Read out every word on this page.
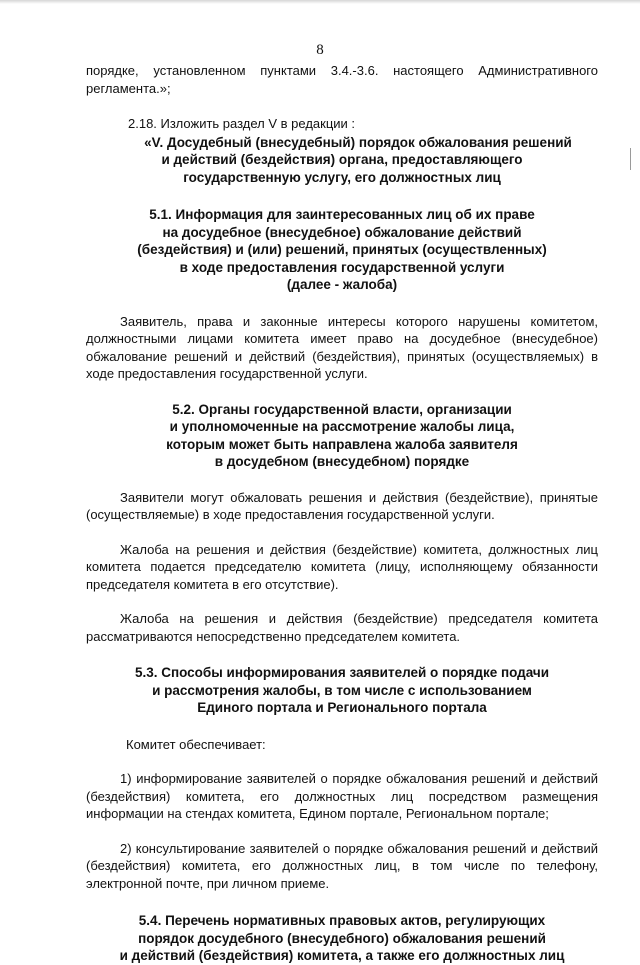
8

порядке, установленном пунктами 3.4.-3.6. настоящего Административного регламента.»;

2.18. Изложить раздел V в редакции :

«V. Досудебный (внесудебный) порядок обжалования решений

и действий (бездействия) органа, предоставляющего

государственную услугу, его должностных лиц

5.1. Информация для заинтересованных лиц об их праве

на досудебное (внесудебное) обжалование действий

(бездействия) и (или) решений, принятых (осуществленных)

в ходе предоставления государственной услуги

(далее - жалоба)

Заявитель, права и законные интересы которого нарушены комитетом, должностными лицами комитета имеет право на досудебное (внесудебное) обжалование решений и действий (бездействия), принятых (осуществляемых) в ходе предоставления государственной услуги.

5.2. Органы государственной власти, организации

и уполномоченные на рассмотрение жалобы лица,

которым может быть направлена жалоба заявителя

в досудебном (внесудебном) порядке

Заявители могут обжаловать решения и действия (бездействие), принятые (осуществляемые) в ходе предоставления государственной услуги.

Жалоба на решения и действия (бездействие) комитета, должностных лиц комитета подается председателю комитета (лицу, исполняющему обязанности председателя комитета в его отсутствие).

Жалоба на решения и действия (бездействие) председателя комитета рассматриваются непосредственно председателем комитета.

5.3. Способы информирования заявителей о порядке подачи

и рассмотрения жалобы, в том числе с использованием

Единого портала и Регионального портала

Комитет обеспечивает:

1) информирование заявителей о порядке обжалования решений и действий (бездействия) комитета, его должностных лиц посредством размещения информации на стендах комитета, Едином портале, Региональном портале;

2) консультирование заявителей о порядке обжалования решений и действий (бездействия) комитета, его должностных лиц, в том числе по телефону, электронной почте, при личном приеме.

5.4. Перечень нормативных правовых актов, регулирующих

порядок досудебного (внесудебного) обжалования решений

и действий (бездействия) комитета, а также его должностных лиц
